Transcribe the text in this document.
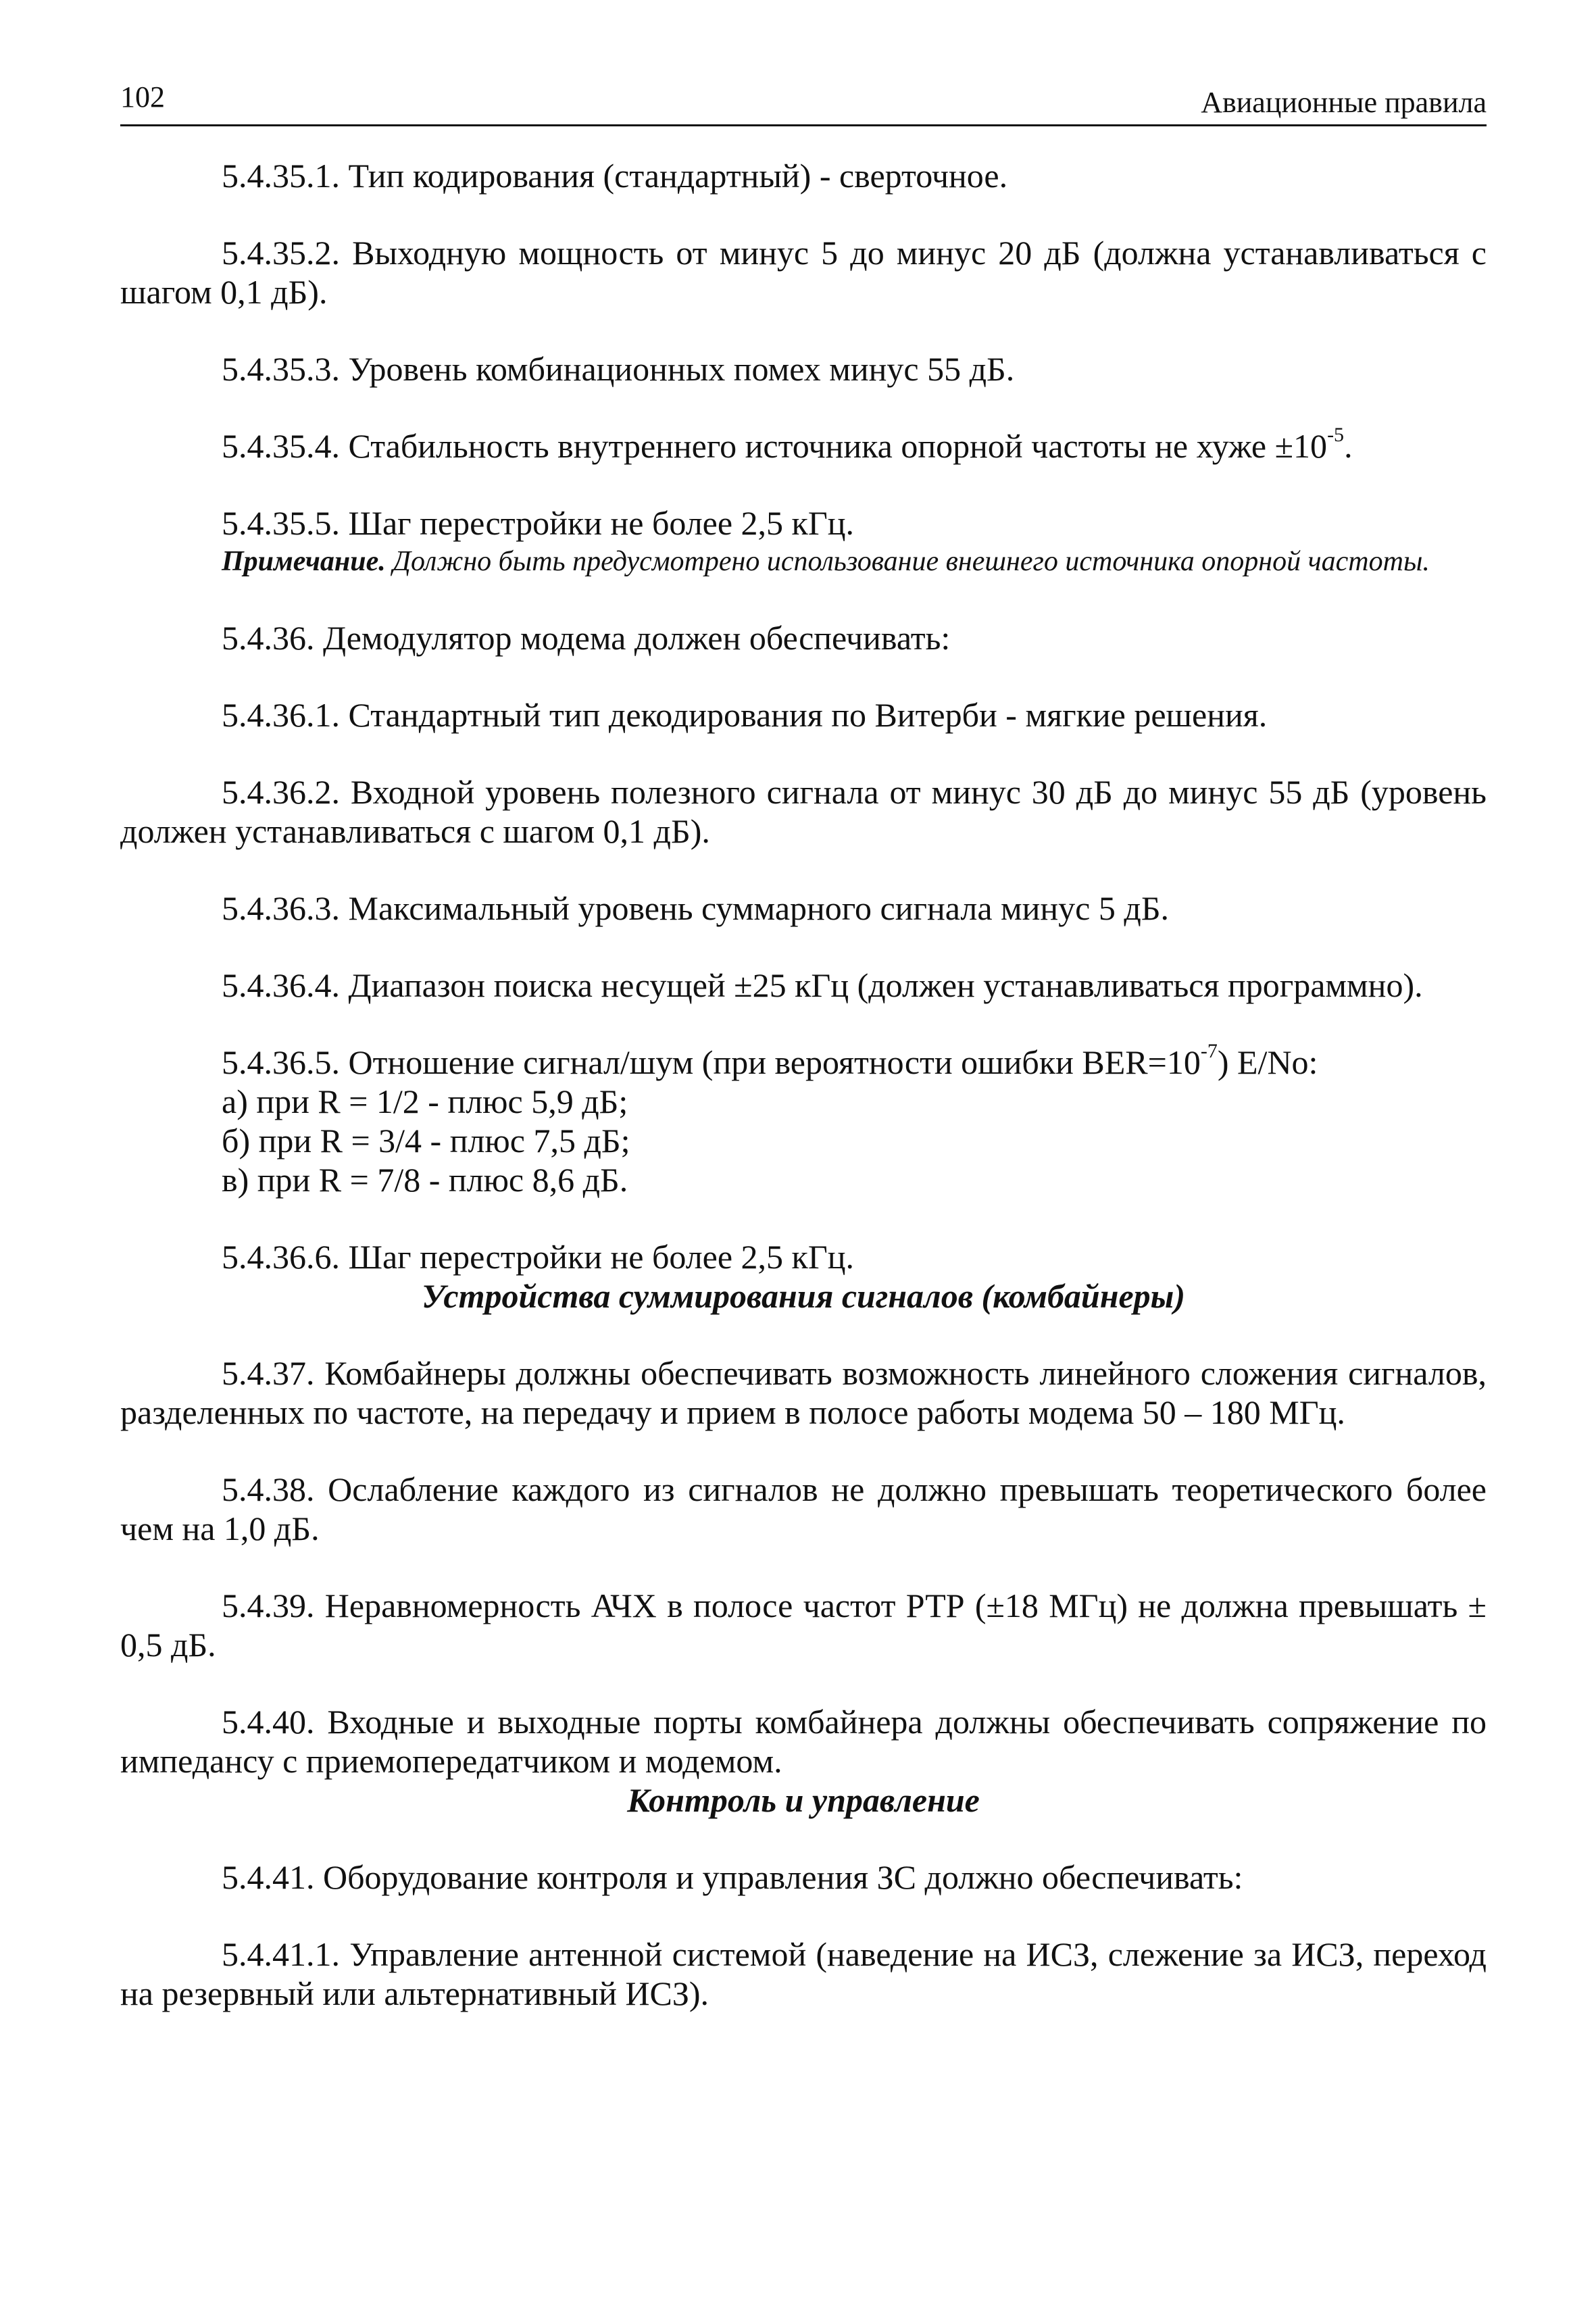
102	Авиационные правила

5.4.35.1. Тип кодирования (стандартный) - сверточное.

5.4.35.2. Выходную мощность от минус 5 до минус 20 дБ (должна устанавливаться с шагом 0,1 дБ).

5.4.35.3. Уровень комбинационных помех минус 55 дБ.

5.4.35.4. Стабильность внутреннего источника опорной частоты не хуже $\pm 10^{-5}$.

5.4.35.5. Шаг перестройки не более 2,5 кГц.

Примечание. Должно быть предусмотрено использование внешнего источника опорной частоты.

5.4.36. Демодулятор модема должен обеспечивать:

5.4.36.1. Стандартный тип декодирования по Витерби - мягкие решения.

5.4.36.2. Входной уровень полезного сигнала от минус 30 дБ до минус 55 дБ (уровень должен устанавливаться с шагом 0,1 дБ).

5.4.36.3. Максимальный уровень суммарного сигнала минус 5 дБ.

5.4.36.4. Диапазон поиска несущей ±25 кГц (должен устанавливаться программно).

5.4.36.5. Отношение сигнал/шум (при вероятности ошибки $BER=10^{-7}$) E/No:

а) при R = 1/2 - плюс 5,9 дБ;

б) при R = 3/4 - плюс 7,5 дБ;

в) при R = 7/8 - плюс 8,6 дБ.

5.4.36.6. Шаг перестройки не более 2,5 кГц.

Устройства суммирования сигналов (комбайнеры)

5.4.37. Комбайнеры должны обеспечивать возможность линейного сложения сигналов, разделенных по частоте, на передачу и прием в полосе работы модема 50 – 180 МГц.

5.4.38. Ослабление каждого из сигналов не должно превышать теоретического более чем на 1,0 дБ.

5.4.39. Неравномерность АЧХ в полосе частот РТР (±18 МГц) не должна превышать ± 0,5 дБ.

5.4.40. Входные и выходные порты комбайнера должны обеспечивать сопряжение по импедансу с приемопередатчиком и модемом.

Контроль и управление

5.4.41. Оборудование контроля и управления ЗС должно обеспечивать:

5.4.41.1. Управление антенной системой (наведение на ИСЗ, слежение за ИСЗ, переход на резервный или альтернативный ИСЗ).
